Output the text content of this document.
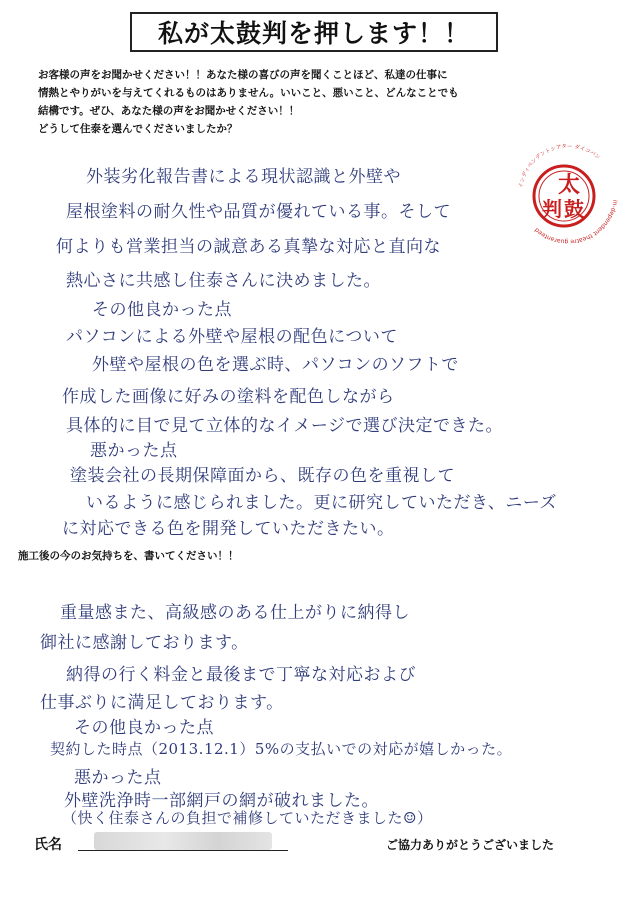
私が太鼓判を押します！！
お客様の声をお聞かせください！！あなた様の喜びの声を聞くことほど、私達の仕事に
情熱とやりがいを与えてくれるものはありません。いいこと、悪いこと、どんなことでも
結構です。ぜひ、あなた様の声をお聞かせください！！
どうして住泰を選んでくださいましたか？
太
鼓
判	in-dependent theatre guaranteed
インディペンデントシアター ダイコバン
外装劣化報告書による現状認識と外壁や
屋根塗料の耐久性や品質が優れている事。そして
何よりも営業担当の誠意ある真摯な対応と直向な
熱心さに共感し住泰さんに決めました。
その他良かった点
パソコンによる外壁や屋根の配色について
外壁や屋根の色を選ぶ時、パソコンのソフトで
作成した画像に好みの塗料を配色しながら
具体的に目で見て立体的なイメージで選び決定できた。
悪かった点
塗装会社の長期保障面から、既存の色を重視して
いるように感じられました。更に研究していただき、ニーズ
に対応できる色を開発していただきたい。
施工後の今のお気持ちを、書いてください！！
重量感また、高級感のある仕上がりに納得し
御社に感謝しております。
納得の行く料金と最後まで丁寧な対応および
仕事ぶりに満足しております。
その他良かった点
契約した時点（2013.12.1）5%の支払いでの対応が嬉しかった。
悪かった点
外壁洗浄時一部網戸の網が破れました。
（快く住泰さんの負担で補修していただきました☺）
氏名	ご協力ありがとうございました
